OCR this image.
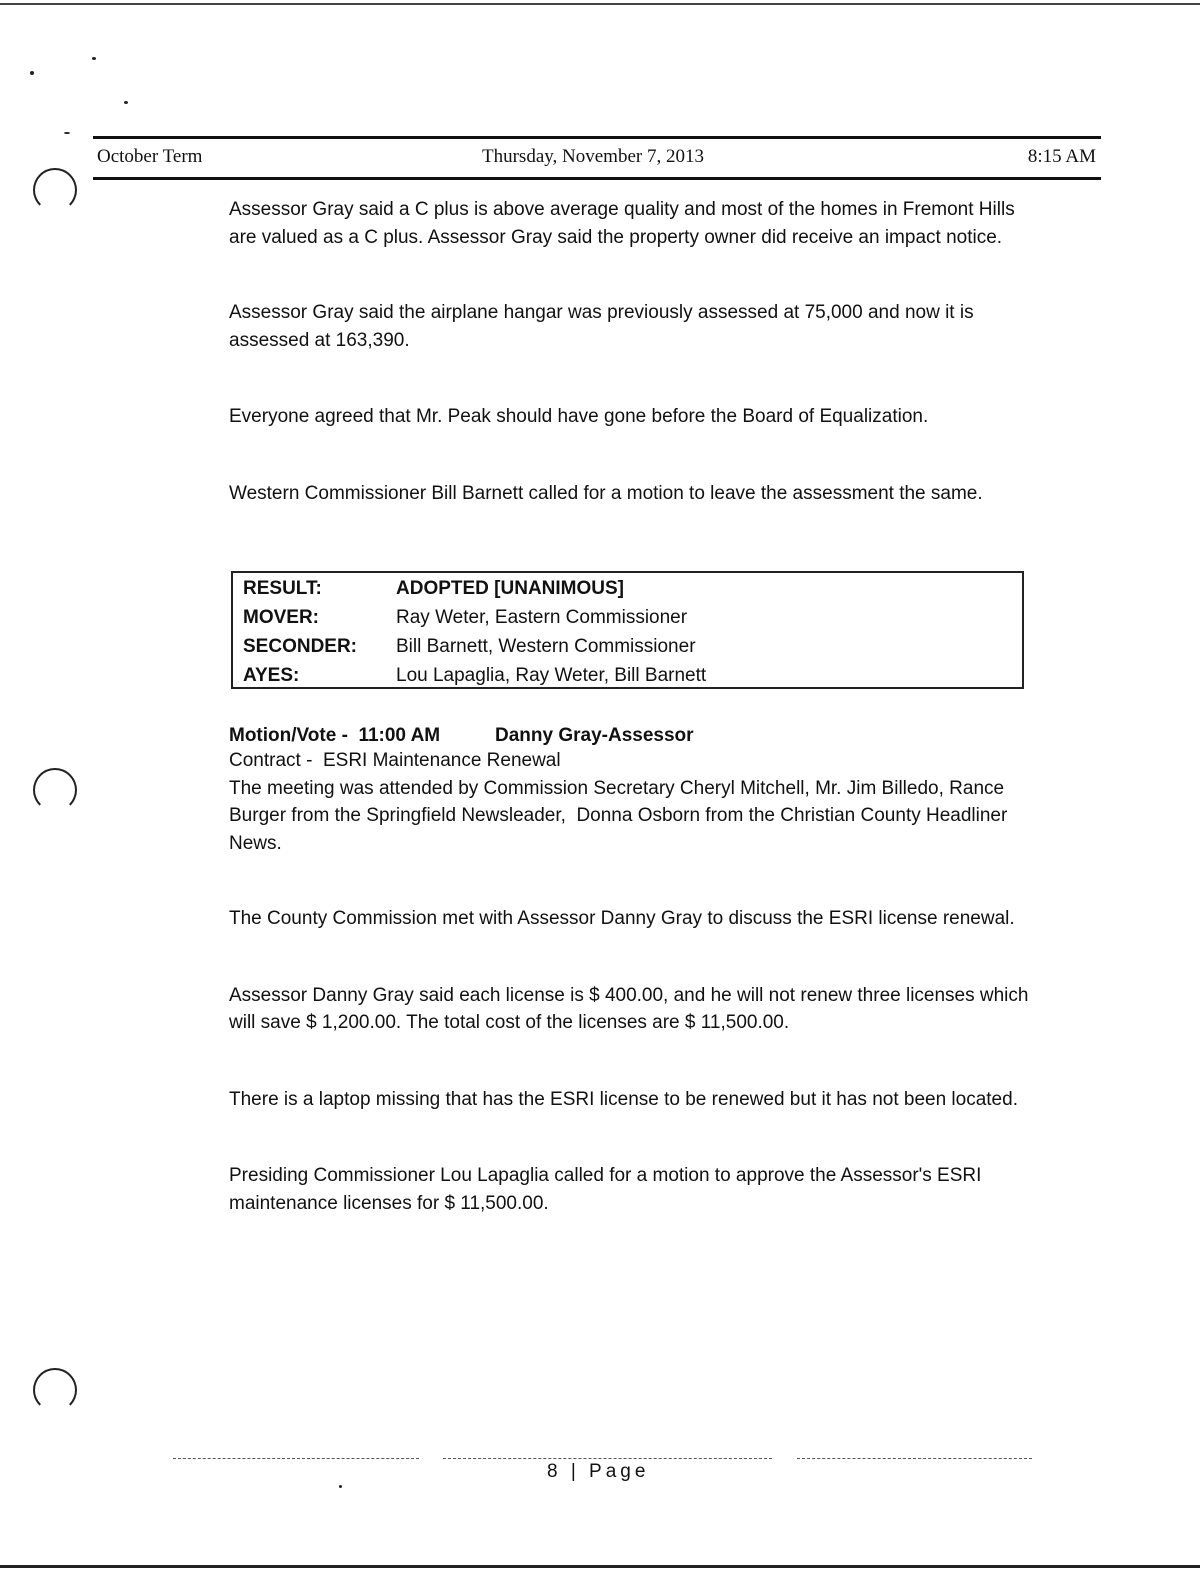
October Term	Thursday, November 7, 2013	8:15 AM

Assessor Gray said a C plus is above average quality and most of the homes in Fremont Hills are valued as a C plus. Assessor Gray said the property owner did receive an impact notice.

Assessor Gray said the airplane hangar was previously assessed at 75,000 and now it is assessed at 163,390.

Everyone agreed that Mr. Peak should have gone before the Board of Equalization.

Western Commissioner Bill Barnett called for a motion to leave the assessment the same.

RESULT:	ADOPTED [UNANIMOUS]
MOVER:	Ray Weter, Eastern Commissioner
SECONDER: Bill Barnett, Western Commissioner
AYES:	Lou Lapaglia, Ray Weter, Bill Barnett
Motion/Vote -  11:00 AM	Danny Gray-Assessor

Contract -  ESRI Maintenance Renewal

The meeting was attended by Commission Secretary Cheryl Mitchell, Mr. Jim Billedo, Rance Burger from the Springfield Newsleader,  Donna Osborn from the Christian County Headliner News.

The County Commission met with Assessor Danny Gray to discuss the ESRI license renewal.

Assessor Danny Gray said each license is $ 400.00, and he will not renew three licenses which will save $ 1,200.00. The total cost of the licenses are $ 11,500.00.

There is a laptop missing that has the ESRI license to be renewed but it has not been located.

Presiding Commissioner Lou Lapaglia called for a motion to approve the Assessor's ESRI maintenance licenses for $ 11,500.00.

8 | Page
